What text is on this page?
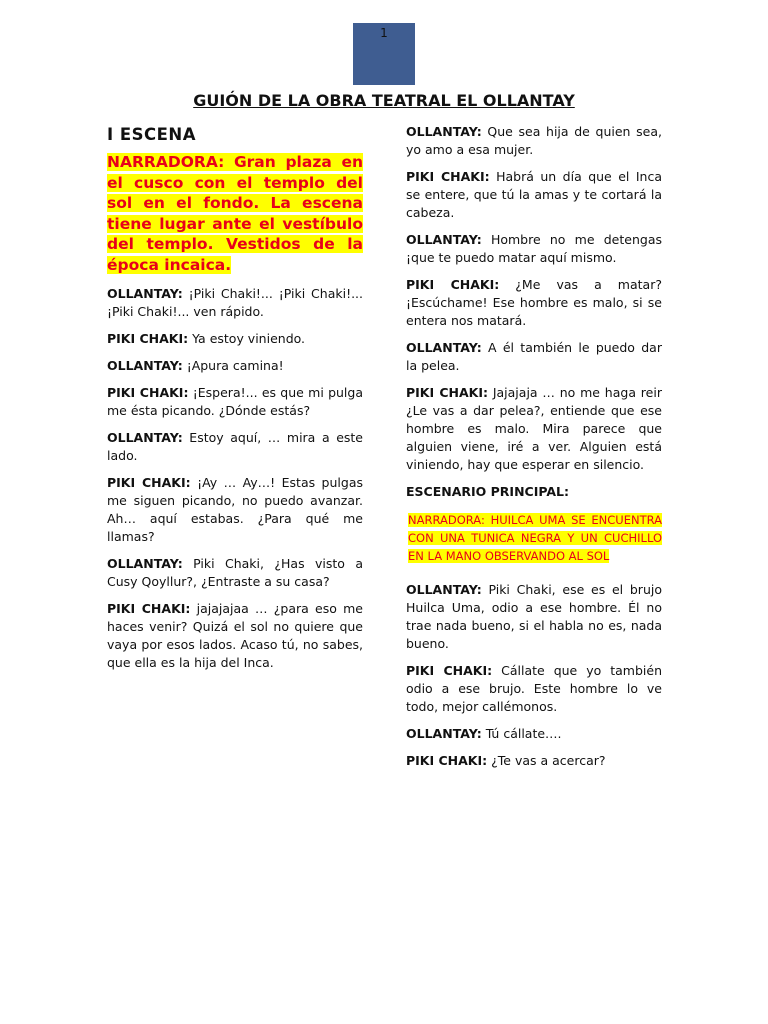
1
GUIÓN DE LA OBRA TEATRAL EL OLLANTAY
I ESCENA

NARRADORA: Gran plaza en el cusco con el templo del sol en el fondo. La escena tiene lugar ante el vestíbulo del templo. Vestidos de la época incaica.

OLLANTAY: ¡Piki Chaki!... ¡Piki Chaki!... ¡Piki Chaki!... ven rápido.

PIKI CHAKI: Ya estoy viniendo.

OLLANTAY: ¡Apura camina!

PIKI CHAKI: ¡Espera!... es que mi pulga me ésta picando. ¿Dónde estás?

OLLANTAY: Estoy aquí, … mira a este lado.

PIKI CHAKI: ¡Ay … Ay…! Estas pulgas me siguen picando, no puedo avanzar. Ah… aquí estabas. ¿Para qué me llamas?

OLLANTAY: Piki Chaki, ¿Has visto a Cusy Qoyllur?, ¿Entraste a su casa?

PIKI CHAKI: jajajajaa … ¿para eso me haces venir? Quizá el sol no quiere que vaya por esos lados. Acaso tú, no sabes, que ella es la hija del Inca.

OLLANTAY: Que sea hija de quien sea, yo amo a esa mujer.

PIKI CHAKI: Habrá un día que el Inca se entere, que tú la amas y te cortará la cabeza.

OLLANTAY: Hombre no me detengas ¡que te puedo matar aquí mismo.

PIKI CHAKI: ¿Me vas a matar? ¡Escúchame! Ese hombre es malo, si se entera nos matará.

OLLANTAY: A él también le puedo dar la pelea.

PIKI CHAKI: Jajajaja … no me haga reir ¿Le vas a dar pelea?, entiende que ese hombre es malo. Mira parece que alguien viene, iré a ver. Alguien está viniendo, hay que esperar en silencio.

ESCENARIO PRINCIPAL:

NARRADORA: HUILCA UMA SE ENCUENTRA CON UNA TUNICA NEGRA Y UN CUCHILLO EN LA MANO OBSERVANDO AL SOL

OLLANTAY: Piki Chaki, ese es el brujo Huilca Uma, odio a ese hombre. Él no trae nada bueno, si el habla no es, nada bueno.

PIKI CHAKI: Cállate que yo también odio a ese brujo. Este hombre lo ve todo, mejor callémonos.

OLLANTAY: Tú cállate….

PIKI CHAKI: ¿Te vas a acercar?
